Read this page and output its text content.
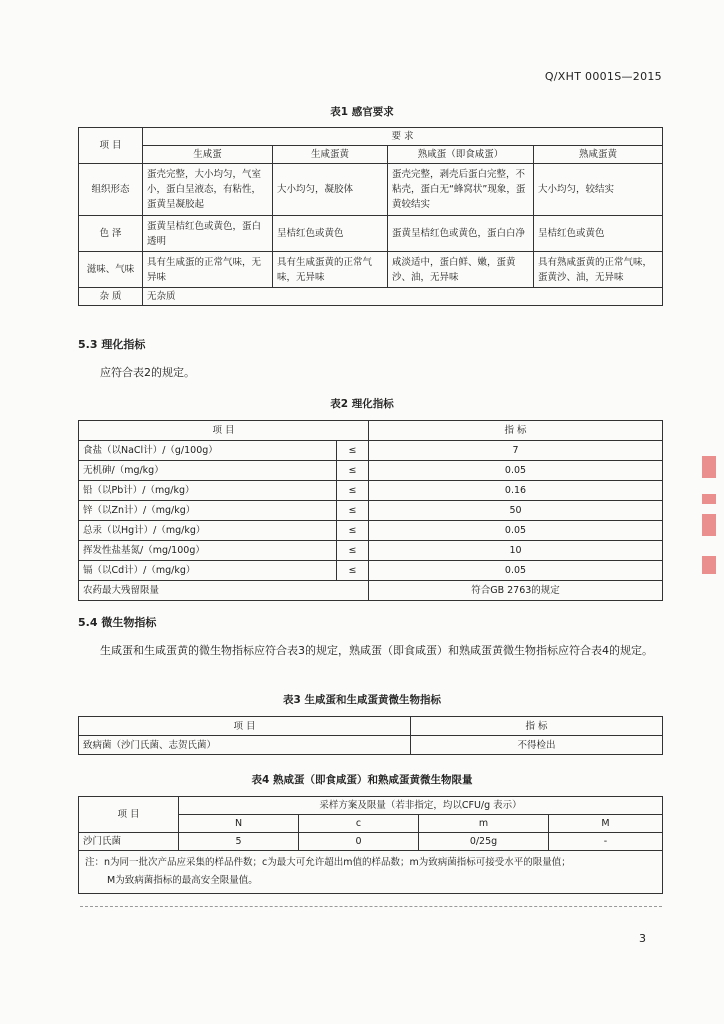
Q/XHT 0001S—2015
表1 感官要求
项 目	要 求			
	生咸蛋	生咸蛋黄	熟咸蛋（即食咸蛋）	熟咸蛋黄
组织形态	蛋壳完整，大小均匀，气室小，蛋白呈液态，有粘性，蛋黄呈凝胶起	大小均匀，凝胶体	蛋壳完整，剥壳后蛋白完整，不粘壳，蛋白无“蜂窝状”现象，蛋黄较结实	大小均匀，较结实
色 泽	蛋黄呈桔红色或黄色，蛋白透明	呈桔红色或黄色	蛋黄呈桔红色或黄色，蛋白白净	呈桔红色或黄色
滋味、气味	具有生咸蛋的正常气味，无异味	具有生咸蛋黄的正常气味，无异味	咸淡适中，蛋白鲜、嫩，蛋黄沙、油，无异味	具有熟咸蛋黄的正常气味，蛋黄沙、油，无异味
杂 质	无杂质			
5.3 理化指标
应符合表2的规定。
表2 理化指标
项 目		指 标
食盐（以NaCl计）/（g/100g）	≤	7
无机砷/（mg/kg）	≤	0.05
铅（以Pb计）/（mg/kg）	≤	0.16
锌（以Zn计）/（mg/kg）	≤	50
总汞（以Hg计）/（mg/kg）	≤	0.05
挥发性盐基氮/（mg/100g）	≤	10
镉（以Cd计）/（mg/kg）	≤	0.05
农药最大残留限量		符合GB 2763的规定
5.4 微生物指标
生咸蛋和生咸蛋黄的微生物指标应符合表3的规定，熟咸蛋（即食咸蛋）和熟咸蛋黄微生物指标应符合表4的规定。
表3 生咸蛋和生咸蛋黄微生物指标
项 目	指 标
致病菌（沙门氏菌、志贺氏菌）	不得检出
表4 熟咸蛋（即食咸蛋）和熟咸蛋黄微生物限量
项 目	采样方案及限量（若非指定，均以CFU/g 表示）			
	N	c	m	M
沙门氏菌	5	0	0/25g	-

注：n为同一批次产品应采集的样品件数；c为最大可允许超出m值的样品数；m为致病菌指标可接受水平的限量值；
M为致病菌指标的最高安全限量值。				
3
